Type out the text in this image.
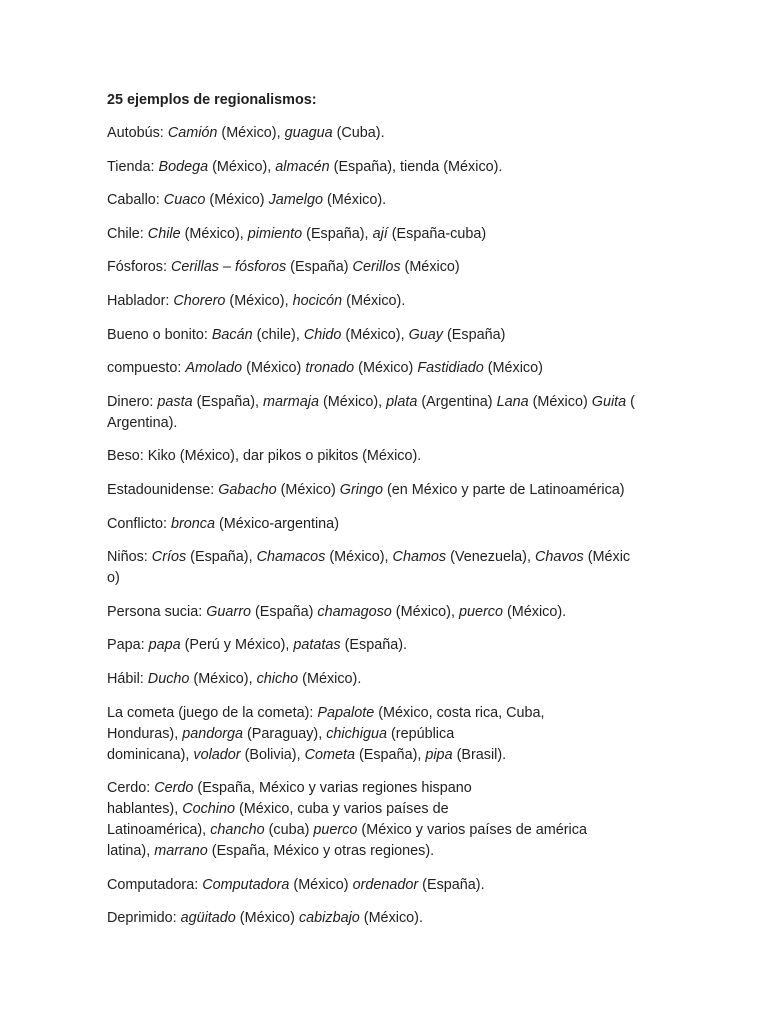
25 ejemplos de regionalismos:
Autobús: Camión (México), guagua (Cuba).
Tienda: Bodega (México), almacén (España), tienda (México).
Caballo: Cuaco (México) Jamelgo (México).
Chile: Chile (México), pimiento (España), ají (España-cuba)
Fósforos: Cerillas – fósforos (España) Cerillos (México)
Hablador: Chorero (México), hocicón (México).
Bueno o bonito: Bacán (chile), Chido (México), Guay (España)
compuesto: Amolado (México) tronado (México) Fastidiado (México)
Dinero: pasta (España), marmaja (México), plata (Argentina) Lana (México) Guita (
Argentina).
Beso: Kiko (México), dar pikos o pikitos (México).
Estadounidense: Gabacho (México) Gringo (en México y parte de Latinoamérica)
Conflicto: bronca (México-argentina)
Niños: Críos (España), Chamacos (México), Chamos (Venezuela), Chavos (Méxic
o)
Persona sucia: Guarro (España) chamagoso (México), puerco (México).
Papa: papa (Perú y México), patatas (España).
Hábil: Ducho (México), chicho (México).
La cometa (juego de la cometa): Papalote (México, costa rica, Cuba,
Honduras), pandorga (Paraguay), chichigua (república
dominicana), volador (Bolivia), Cometa (España), pipa (Brasil).
Cerdo: Cerdo (España, México y varias regiones hispano
hablantes), Cochino (México, cuba y varios países de
Latinoamérica), chancho (cuba) puerco (México y varios países de américa
latina), marrano (España, México y otras regiones).
Computadora: Computadora (México) ordenador (España).
Deprimido: agüitado (México) cabizbajo (México).
